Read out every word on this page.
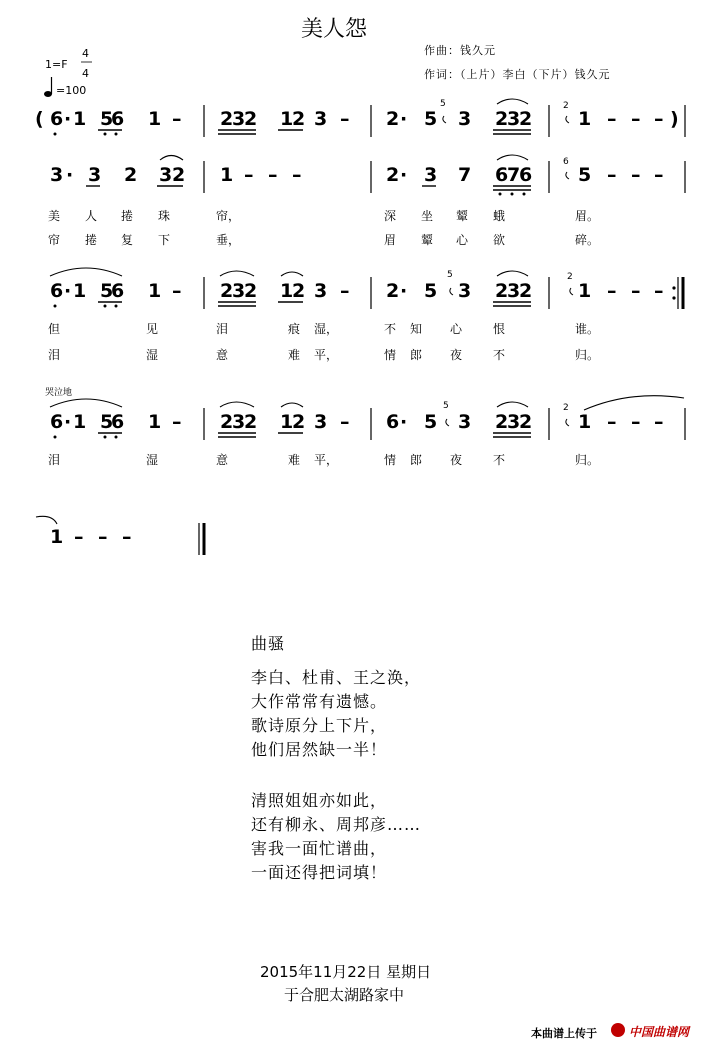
美人怨
作曲：钱久元
作词：（上片）李白（下片）钱久元
1=F
4
4
=100
哭泣地
( 6 · 1 5
6 1 – 2
3
2 1
2 3 – 2 · 5 3 2
3
2 1 – – – )
3 · 3 2 3 2 1 – – –	2 · 3 7 6
7
6 5 – – –
6 · 1 5
6 1 – 2
3
2 1
2 3 – 2 · 5 3 2
3
2 1 – – –
6 · 1 5
6 1 – 2
3
2 1
2 3 – 6 · 5 3 2
3
2 1 – – –
1 – – –
5	2
6
5	2
5	2
美 人 捲 珠	帘，	深 坐 颦 蛾	眉。
帘 捲 复 下	垂，	眉 颦 心 欲	碎。
但	见	泪	痕 湿，	不 知 心	恨	谁。
泪	湿	意	难 平，	情 郎 夜	不	归。
泪	湿	意	难 平，	情 郎 夜	不	归。
曲骚
李白、杜甫、王之涣，
大作常常有遗憾。
歌诗原分上下片，
他们居然缺一半！
清照姐姐亦如此，
还有柳永、周邦彦……
害我一面忙谱曲，
一面还得把词填！
2015年11月22日 星期日
于合肥太湖路家中
本曲谱上传于	中国曲谱网
